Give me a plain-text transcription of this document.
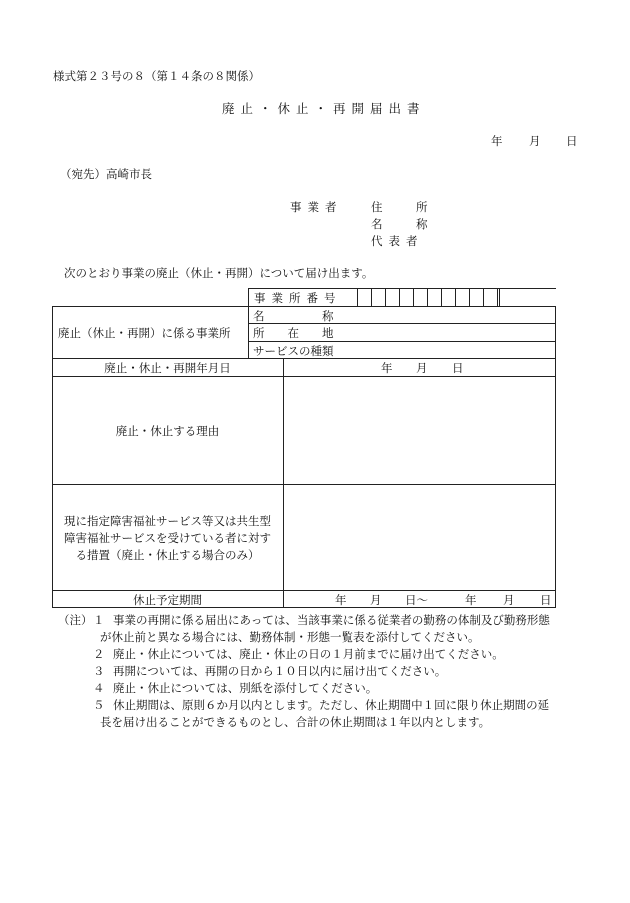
様式第２３号の８（第１４条の８関係）
廃止・休止・再開届出書
年 月 日
（宛先）高崎市長
事業者 住　所
名　称
代表者
次のとおり事業の廃止（休止・再開）について届け出ます。
事業所番号
廃止（休止・再開）に係る事業所
名　　　　　称
所　　在　　地
サービスの種類
廃止・休止・再開年月日	年 月 日
廃止・休止する理由
現に指定障害福祉サービス等又は共生型
障害福祉サービスを受けている者に対す
る措置（廃止・休止する場合のみ）
休止予定期間	年 月 日～	年 月 日
（注） １ 事業の再開に係る届出にあっては、当該事業に係る従業者の勤務の体制及び勤務形態
が休止前と異なる場合には、勤務体制・形態一覧表を添付してください。
２ 廃止・休止については、廃止・休止の日の１月前までに届け出てください。
３ 再開については、再開の日から１０日以内に届け出てください。
４ 廃止・休止については、別紙を添付してください。
５ 休止期間は、原則６か月以内とします。ただし、休止期間中１回に限り休止期間の延
長を届け出ることができるものとし、合計の休止期間は１年以内とします。
